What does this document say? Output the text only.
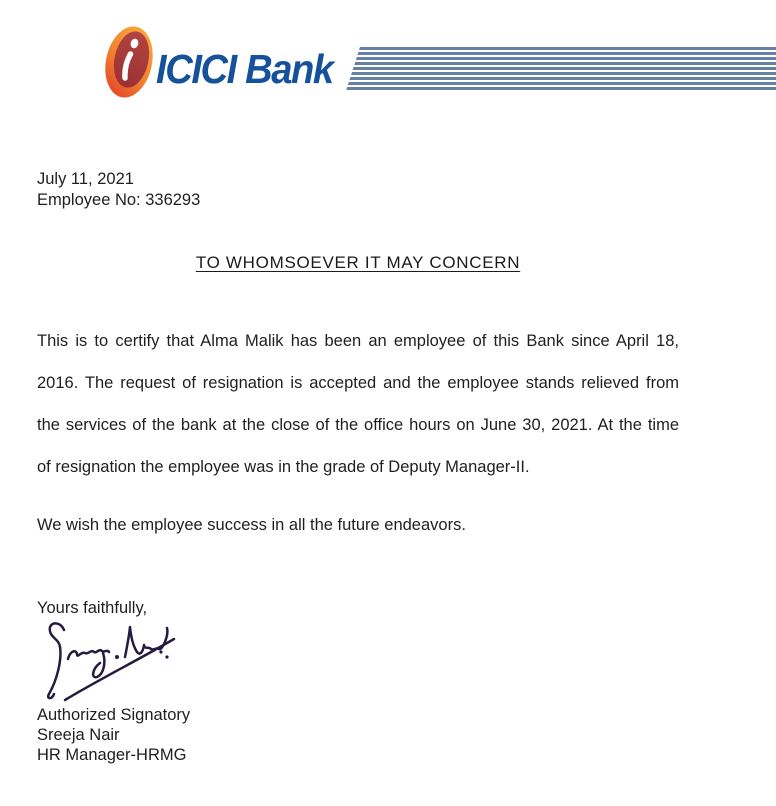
ICICI Bank
July 11, 2021
Employee No: 336293
TO WHOMSOEVER IT MAY CONCERN
This is to certify that Alma Malik has been an employee of this Bank since April 18,
2016. The request of resignation is accepted and the employee stands relieved from
the services of the bank at the close of the office hours on June 30, 2021. At the time
of resignation the employee was in the grade of Deputy Manager-II.
We wish the employee success in all the future endeavors.
Yours faithfully,
Authorized Signatory
Sreeja Nair
HR Manager-HRMG
